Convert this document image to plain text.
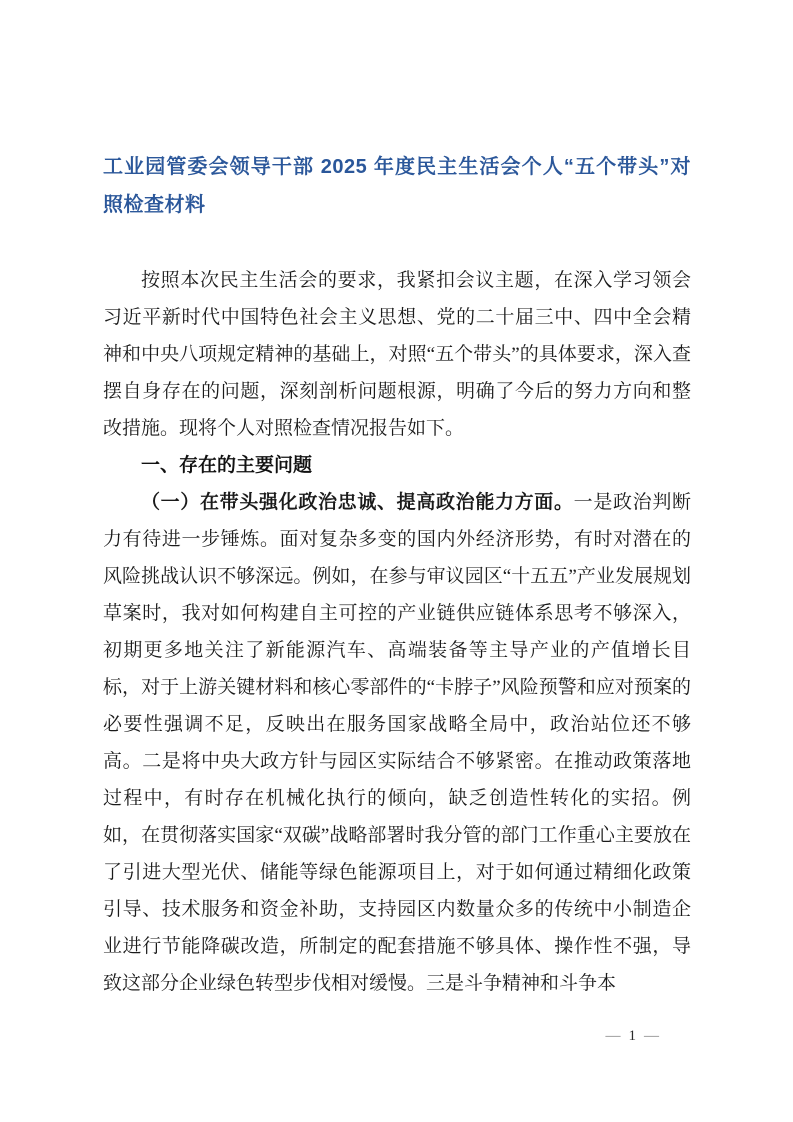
工业园管委会领导干部 2025 年度民主生活会个人“五个带头”对照检查材料

按照本次民主生活会的要求，我紧扣会议主题，在深入学习领会习近平新时代中国特色社会主义思想、党的二十届三中、四中全会精神和中央八项规定精神的基础上，对照“五个带头”的具体要求，深入查摆自身存在的问题，深刻剖析问题根源，明确了今后的努力方向和整改措施。现将个人对照检查情况报告如下。

一、存在的主要问题

（一）在带头强化政治忠诚、提高政治能力方面。一是政治判断力有待进一步锤炼。面对复杂多变的国内外经济形势，有时对潜在的风险挑战认识不够深远。例如，在参与审议园区“十五五”产业发展规划草案时，我对如何构建自主可控的产业链供应链体系思考不够深入，初期更多地关注了新能源汽车、高端装备等主导产业的产值增长目标，对于上游关键材料和核心零部件的“卡脖子”风险预警和应对预案的必要性强调不足，反映出在服务国家战略全局中，政治站位还不够高。二是将中央大政方针与园区实际结合不够紧密。在推动政策落地过程中，有时存在机械化执行的倾向，缺乏创造性转化的实招。例如，在贯彻落实国家“双碳”战略部署时我分管的部门工作重心主要放在了引进大型光伏、储能等绿色能源项目上，对于如何通过精细化政策引导、技术服务和资金补助，支持园区内数量众多的传统中小制造企业进行节能降碳改造，所制定的配套措施不够具体、操作性不强，导致这部分企业绿色转型步伐相对缓慢。三是斗争精神和斗争本

— 1 —
